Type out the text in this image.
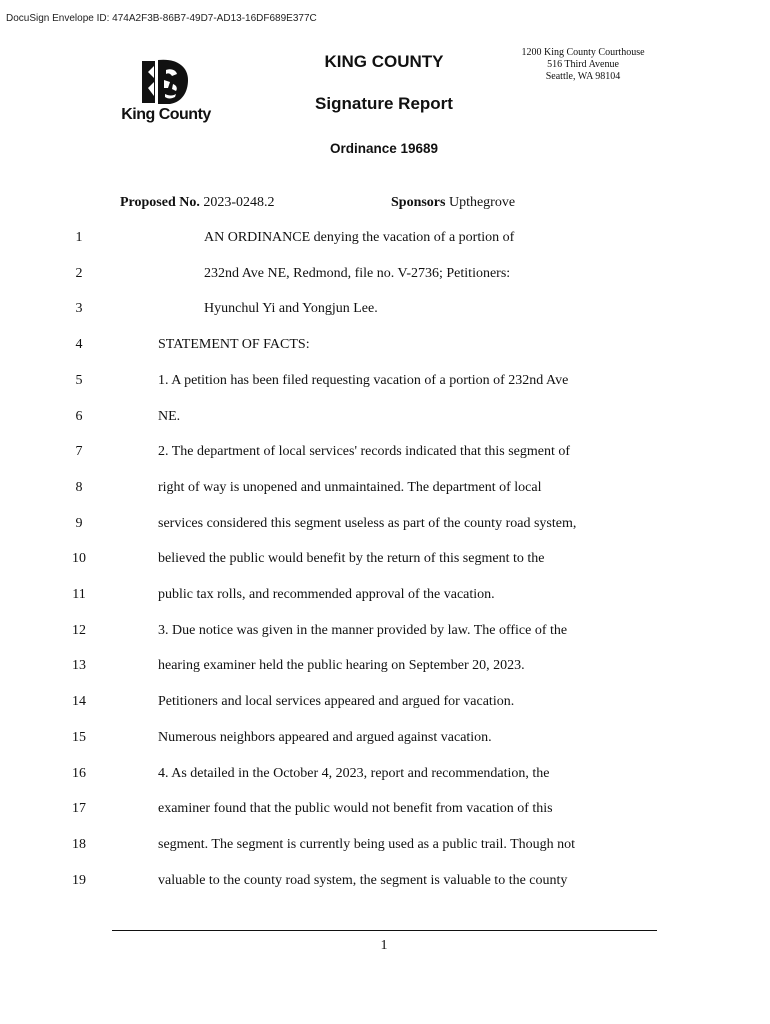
DocuSign Envelope ID: 474A2F3B-86B7-49D7-AD13-16DF689E377C
King County
KING COUNTY	1200 King County Courthouse
516 Third Avenue
Seattle, WA 98104
Signature Report
Ordinance 19689
Proposed No. 2023-0248.2	Sponsors Upthegrove
1	AN ORDINANCE denying the vacation of a portion of
2	232nd Ave NE, Redmond, file no. V-2736; Petitioners:
3	Hyunchul Yi and Yongjun Lee.
4	STATEMENT OF FACTS:
5	1. A petition has been filed requesting vacation of a portion of 232nd Ave
6	NE.
7	2. The department of local services' records indicated that this segment of
8	right of way is unopened and unmaintained. The department of local
9	services considered this segment useless as part of the county road system,
10	believed the public would benefit by the return of this segment to the
11	public tax rolls, and recommended approval of the vacation.
12	3. Due notice was given in the manner provided by law. The office of the
13	hearing examiner held the public hearing on September 20, 2023.
14	Petitioners and local services appeared and argued for vacation.
15	Numerous neighbors appeared and argued against vacation.
16	4. As detailed in the October 4, 2023, report and recommendation, the
17	examiner found that the public would not benefit from vacation of this
18	segment. The segment is currently being used as a public trail. Though not
19	valuable to the county road system, the segment is valuable to the county
1
